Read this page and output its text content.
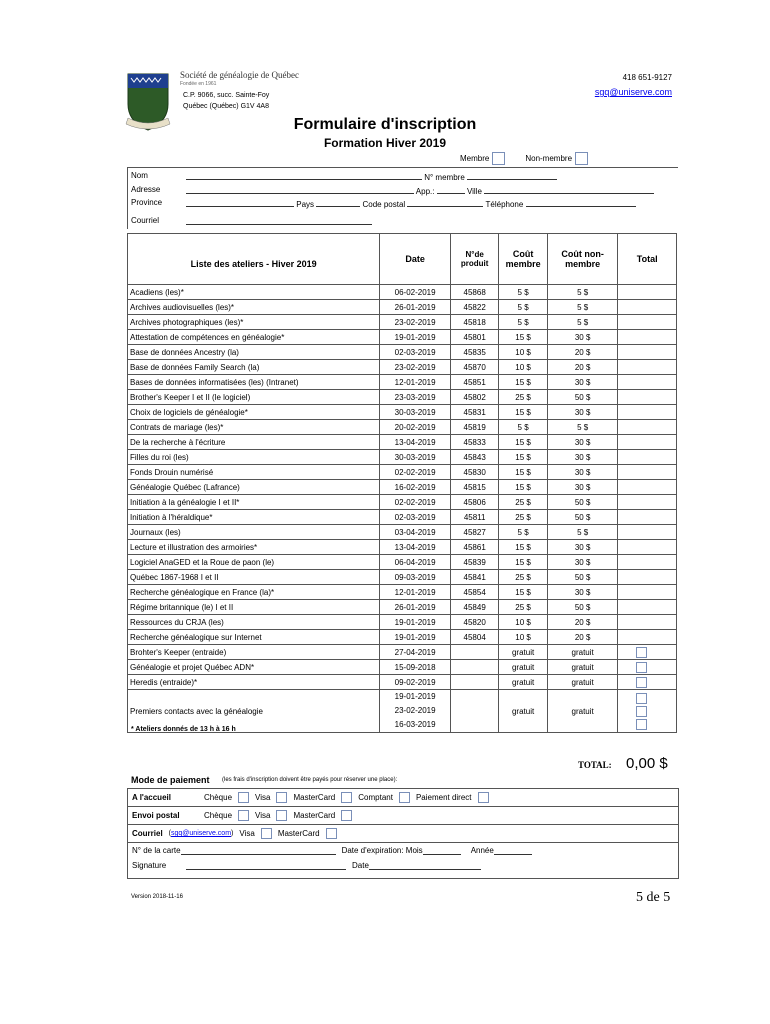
Société de généalogie de Québec
Fondée en 1961
C.P. 9066, succ. Sainte-Foy
Québec (Québec) G1V 4A8
418 651-9127
sgq@uniserve.com
Formulaire d'inscription
Formation Hiver 2019
Membre	Non-membre
Nom
Adresse
Province
Courriel
N° membre
App.:	Ville
Pays	Code postal	Téléphone
Liste des ateliers - Hiver 2019	Date	N°de produit	Coût membre	Coût non-membre	Total
Acadiens (les)*	06-02-2019	45868	5 $	5 $	
Archives audiovisuelles (les)*	26-01-2019	45822	5 $	5 $	
Archives photographiques (les)*	23-02-2019	45818	5 $	5 $	
Attestation de compétences en généalogie*	19-01-2019	45801	15 $	30 $	
Base de données Ancestry (la)	02-03-2019	45835	10 $	20 $	
Base de données Family Search (la)	23-02-2019	45870	10 $	20 $	
Bases de données informatisées (les) (Intranet)	12-01-2019	45851	15 $	30 $	
Brother's Keeper I et II (le logiciel)	23-03-2019	45802	25 $	50 $	
Choix de logiciels de généalogie*	30-03-2019	45831	15 $	30 $	
Contrats de mariage (les)*	20-02-2019	45819	5 $	5 $	
De la recherche à l'écriture	13-04-2019	45833	15 $	30 $	
Filles du roi (les)	30-03-2019	45843	15 $	30 $	
Fonds Drouin numérisé	02-02-2019	45830	15 $	30 $	
Généalogie Québec (Lafrance)	16-02-2019	45815	15 $	30 $	
Initiation à la généalogie I et II*	02-02-2019	45806	25 $	50 $	
Initiation à l'héraldique*	02-03-2019	45811	25 $	50 $	
Journaux (les)	03-04-2019	45827	5 $	5 $	
Lecture et illustration des armoiries*	13-04-2019	45861	15 $	30 $	
Logiciel AnaGED et la Roue de paon (le)	06-04-2019	45839	15 $	30 $	
Québec 1867-1968 I et II	09-03-2019	45841	25 $	50 $	
Recherche généalogique en France (la)*	12-01-2019	45854	15 $	30 $	
Régime britannique (le) I et II	26-01-2019	45849	25 $	50 $	
Ressources du CRJA (les)	19-01-2019	45820	10 $	20 $	
Recherche généalogique sur Internet	19-01-2019	45804	10 $	20 $	
Brohter's Keeper (entraide)	27-04-2019		gratuit	gratuit	
Généalogie et projet Québec ADN*	15-09-2018		gratuit	gratuit	
Heredis (entraide)*	09-02-2019		gratuit	gratuit	
Premiers contacts avec la généalogie	19-01-2019
23-02-2019
16-03-2019		gratuit	gratuit	
* Ateliers donnés de 13 h à 16 h
TOTAL: 0,00 $
Mode de paiement (les frais d'inscription doivent être payés pour réserver une place):
A l'accueil	Chèque	Visa	MasterCard	Comptant	Paiement direct
Envoi postal	Chèque	Visa	MasterCard
Courriel (sgq@uniserve.com) Visa	MasterCard
N° de la carte	Date d'expiration: Mois	Année
Signature	Date
Version 2018-11-16	5 de 5
